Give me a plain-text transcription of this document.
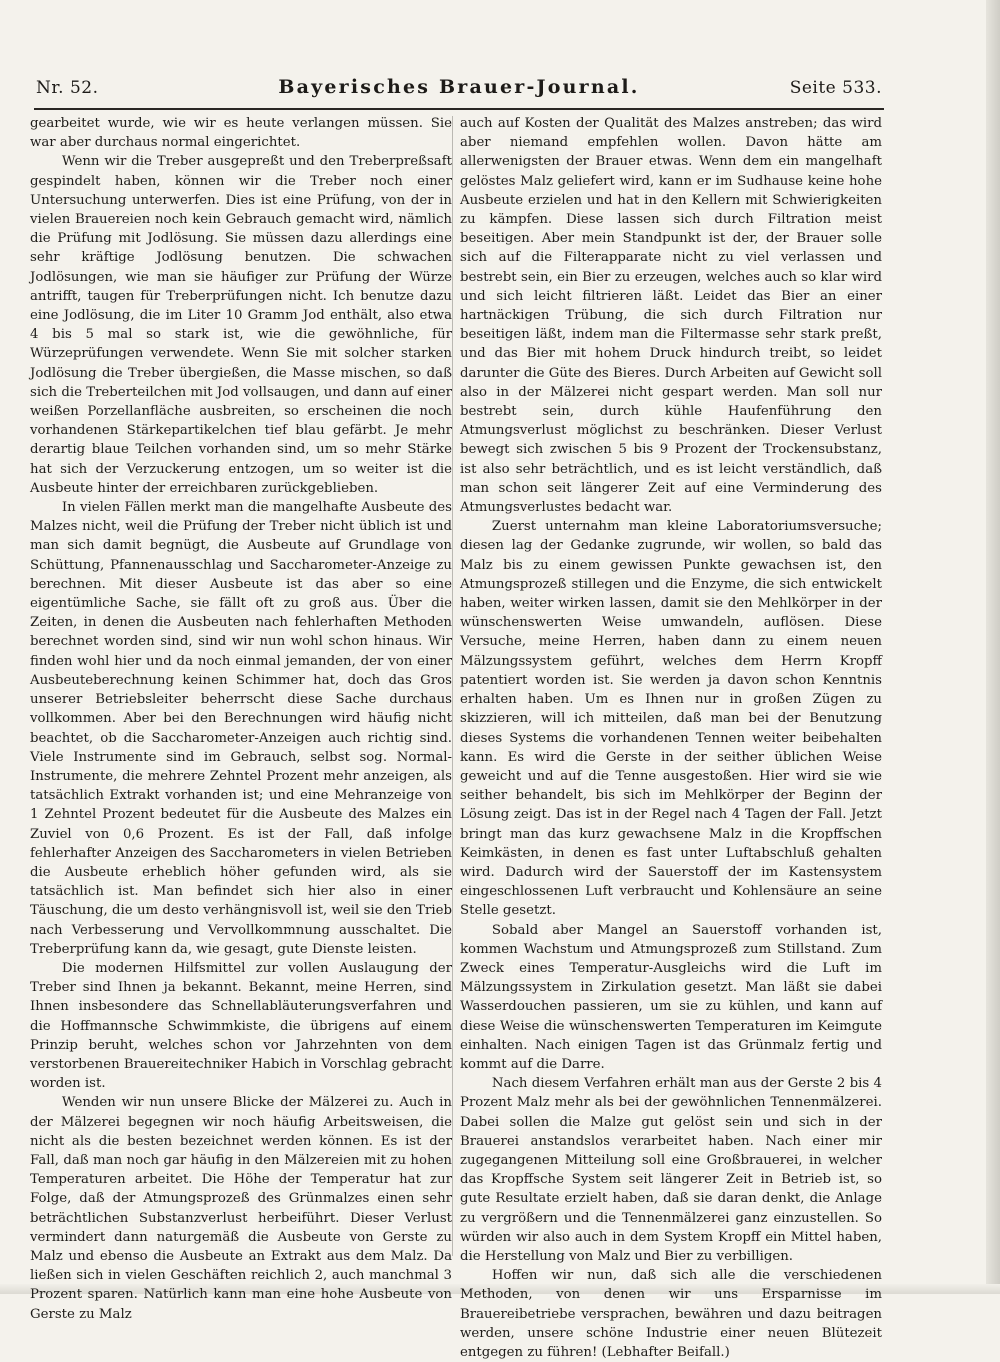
Nr. 52.	Bayerisches Brauer-Journal.	Seite 533.

gearbeitet wurde, wie wir es heute verlangen müssen. Sie war aber durchaus normal eingerichtet.

Wenn wir die Treber ausgepreßt und den Treberpreßsaft gespindelt haben, können wir die Treber noch einer Untersuchung unterwerfen. Dies ist eine Prüfung, von der in vielen Brauereien noch kein Gebrauch gemacht wird, nämlich die Prüfung mit Jodlösung. Sie müssen dazu allerdings eine sehr kräftige Jodlösung benutzen. Die schwachen Jodlösungen, wie man sie häufiger zur Prüfung der Würze antrifft, taugen für Treberprüfungen nicht. Ich benutze dazu eine Jodlösung, die im Liter 10 Gramm Jod enthält, also etwa 4 bis 5 mal so stark ist, wie die gewöhnliche, für Würzeprüfungen verwendete. Wenn Sie mit solcher starken Jodlösung die Treber übergießen, die Masse mischen, so daß sich die Treberteilchen mit Jod vollsaugen, und dann auf einer weißen Porzellanfläche ausbreiten, so erscheinen die noch vorhandenen Stärkepartikelchen tief blau gefärbt. Je mehr derartig blaue Teilchen vorhanden sind, um so mehr Stärke hat sich der Verzuckerung entzogen, um so weiter ist die Ausbeute hinter der erreichbaren zurückgeblieben.

In vielen Fällen merkt man die mangelhafte Ausbeute des Malzes nicht, weil die Prüfung der Treber nicht üblich ist und man sich damit begnügt, die Ausbeute auf Grundlage von Schüttung, Pfannenausschlag und Saccharometer-Anzeige zu berechnen. Mit dieser Ausbeute ist das aber so eine eigentümliche Sache, sie fällt oft zu groß aus. Über die Zeiten, in denen die Ausbeuten nach fehlerhaften Methoden berechnet worden sind, sind wir nun wohl schon hinaus. Wir finden wohl hier und da noch einmal jemanden, der von einer Ausbeuteberechnung keinen Schimmer hat, doch das Gros unserer Betriebsleiter beherrscht diese Sache durchaus vollkommen. Aber bei den Berechnungen wird häufig nicht beachtet, ob die Saccharometer-Anzeigen auch richtig sind. Viele Instrumente sind im Gebrauch, selbst sog. Normal-Instrumente, die mehrere Zehntel Prozent mehr anzeigen, als tatsächlich Extrakt vorhanden ist; und eine Mehranzeige von 1 Zehntel Prozent bedeutet für die Ausbeute des Malzes ein Zuviel von 0,6 Prozent. Es ist der Fall, daß infolge fehlerhafter Anzeigen des Saccharometers in vielen Betrieben die Ausbeute erheblich höher gefunden wird, als sie tatsächlich ist. Man befindet sich hier also in einer Täuschung, die um desto verhängnisvoll ist, weil sie den Trieb nach Verbesserung und Vervollkommnung ausschaltet. Die Treberprüfung kann da, wie gesagt, gute Dienste leisten.

Die modernen Hilfsmittel zur vollen Auslaugung der Treber sind Ihnen ja bekannt. Bekannt, meine Herren, sind Ihnen insbesondere das Schnellabläuterungsverfahren und die Hoffmannsche Schwimmkiste, die übrigens auf einem Prinzip beruht, welches schon vor Jahrzehnten von dem verstorbenen Brauereitechniker Habich in Vorschlag gebracht worden ist.

Wenden wir nun unsere Blicke der Mälzerei zu. Auch in der Mälzerei begegnen wir noch häufig Arbeitsweisen, die nicht als die besten bezeichnet werden können. Es ist der Fall, daß man noch gar häufig in den Mälzereien mit zu hohen Temperaturen arbeitet. Die Höhe der Temperatur hat zur Folge, daß der Atmungsprozeß des Grünmalzes einen sehr beträchtlichen Substanzverlust herbeiführt. Dieser Verlust vermindert dann naturgemäß die Ausbeute von Gerste zu Malz und ebenso die Ausbeute an Extrakt aus dem Malz. Da ließen sich in vielen Geschäften reichlich 2, auch manchmal 3 Prozent sparen. Natürlich kann man eine hohe Ausbeute von Gerste zu Malz

auch auf Kosten der Qualität des Malzes anstreben; das wird aber niemand empfehlen wollen. Davon hätte am allerwenigsten der Brauer etwas. Wenn dem ein mangelhaft gelöstes Malz geliefert wird, kann er im Sudhause keine hohe Ausbeute erzielen und hat in den Kellern mit Schwierigkeiten zu kämpfen. Diese lassen sich durch Filtration meist beseitigen. Aber mein Standpunkt ist der, der Brauer solle sich auf die Filterapparate nicht zu viel verlassen und bestrebt sein, ein Bier zu erzeugen, welches auch so klar wird und sich leicht filtrieren läßt. Leidet das Bier an einer hartnäckigen Trübung, die sich durch Filtration nur beseitigen läßt, indem man die Filtermasse sehr stark preßt, und das Bier mit hohem Druck hindurch treibt, so leidet darunter die Güte des Bieres. Durch Arbeiten auf Gewicht soll also in der Mälzerei nicht gespart werden. Man soll nur bestrebt sein, durch kühle Haufenführung den Atmungsverlust möglichst zu beschränken. Dieser Verlust bewegt sich zwischen 5 bis 9 Prozent der Trockensubstanz, ist also sehr beträchtlich, und es ist leicht verständlich, daß man schon seit längerer Zeit auf eine Verminderung des Atmungsverlustes bedacht war.

Zuerst unternahm man kleine Laboratoriumsversuche; diesen lag der Gedanke zugrunde, wir wollen, so bald das Malz bis zu einem gewissen Punkte gewachsen ist, den Atmungsprozeß stillegen und die Enzyme, die sich entwickelt haben, weiter wirken lassen, damit sie den Mehlkörper in der wünschenswerten Weise umwandeln, auflösen. Diese Versuche, meine Herren, haben dann zu einem neuen Mälzungssystem geführt, welches dem Herrn Kropff patentiert worden ist. Sie werden ja davon schon Kenntnis erhalten haben. Um es Ihnen nur in großen Zügen zu skizzieren, will ich mitteilen, daß man bei der Benutzung dieses Systems die vorhandenen Tennen weiter beibehalten kann. Es wird die Gerste in der seither üblichen Weise geweicht und auf die Tenne ausgestoßen. Hier wird sie wie seither behandelt, bis sich im Mehlkörper der Beginn der Lösung zeigt. Das ist in der Regel nach 4 Tagen der Fall. Jetzt bringt man das kurz gewachsene Malz in die Kropffschen Keimkästen, in denen es fast unter Luftabschluß gehalten wird. Dadurch wird der Sauerstoff der im Kastensystem eingeschlossenen Luft verbraucht und Kohlensäure an seine Stelle gesetzt.

Sobald aber Mangel an Sauerstoff vorhanden ist, kommen Wachstum und Atmungsprozeß zum Stillstand. Zum Zweck eines Temperatur-Ausgleichs wird die Luft im Mälzungssystem in Zirkulation gesetzt. Man läßt sie dabei Wasserdouchen passieren, um sie zu kühlen, und kann auf diese Weise die wünschenswerten Temperaturen im Keimgute einhalten. Nach einigen Tagen ist das Grünmalz fertig und kommt auf die Darre.

Nach diesem Verfahren erhält man aus der Gerste 2 bis 4 Prozent Malz mehr als bei der gewöhnlichen Tennenmälzerei. Dabei sollen die Malze gut gelöst sein und sich in der Brauerei anstandslos verarbeitet haben. Nach einer mir zugegangenen Mitteilung soll eine Großbrauerei, in welcher das Kropffsche System seit längerer Zeit in Betrieb ist, so gute Resultate erzielt haben, daß sie daran denkt, die Anlage zu vergrößern und die Tennenmälzerei ganz einzustellen. So würden wir also auch in dem System Kropff ein Mittel haben, die Herstellung von Malz und Bier zu verbilligen.

Hoffen wir nun, daß sich alle die verschiedenen Methoden, von denen wir uns Ersparnisse im Brauereibetriebe versprachen, bewähren und dazu beitragen werden, unsere schöne Industrie einer neuen Blütezeit entgegen zu führen! (Lebhafter Beifall.)
